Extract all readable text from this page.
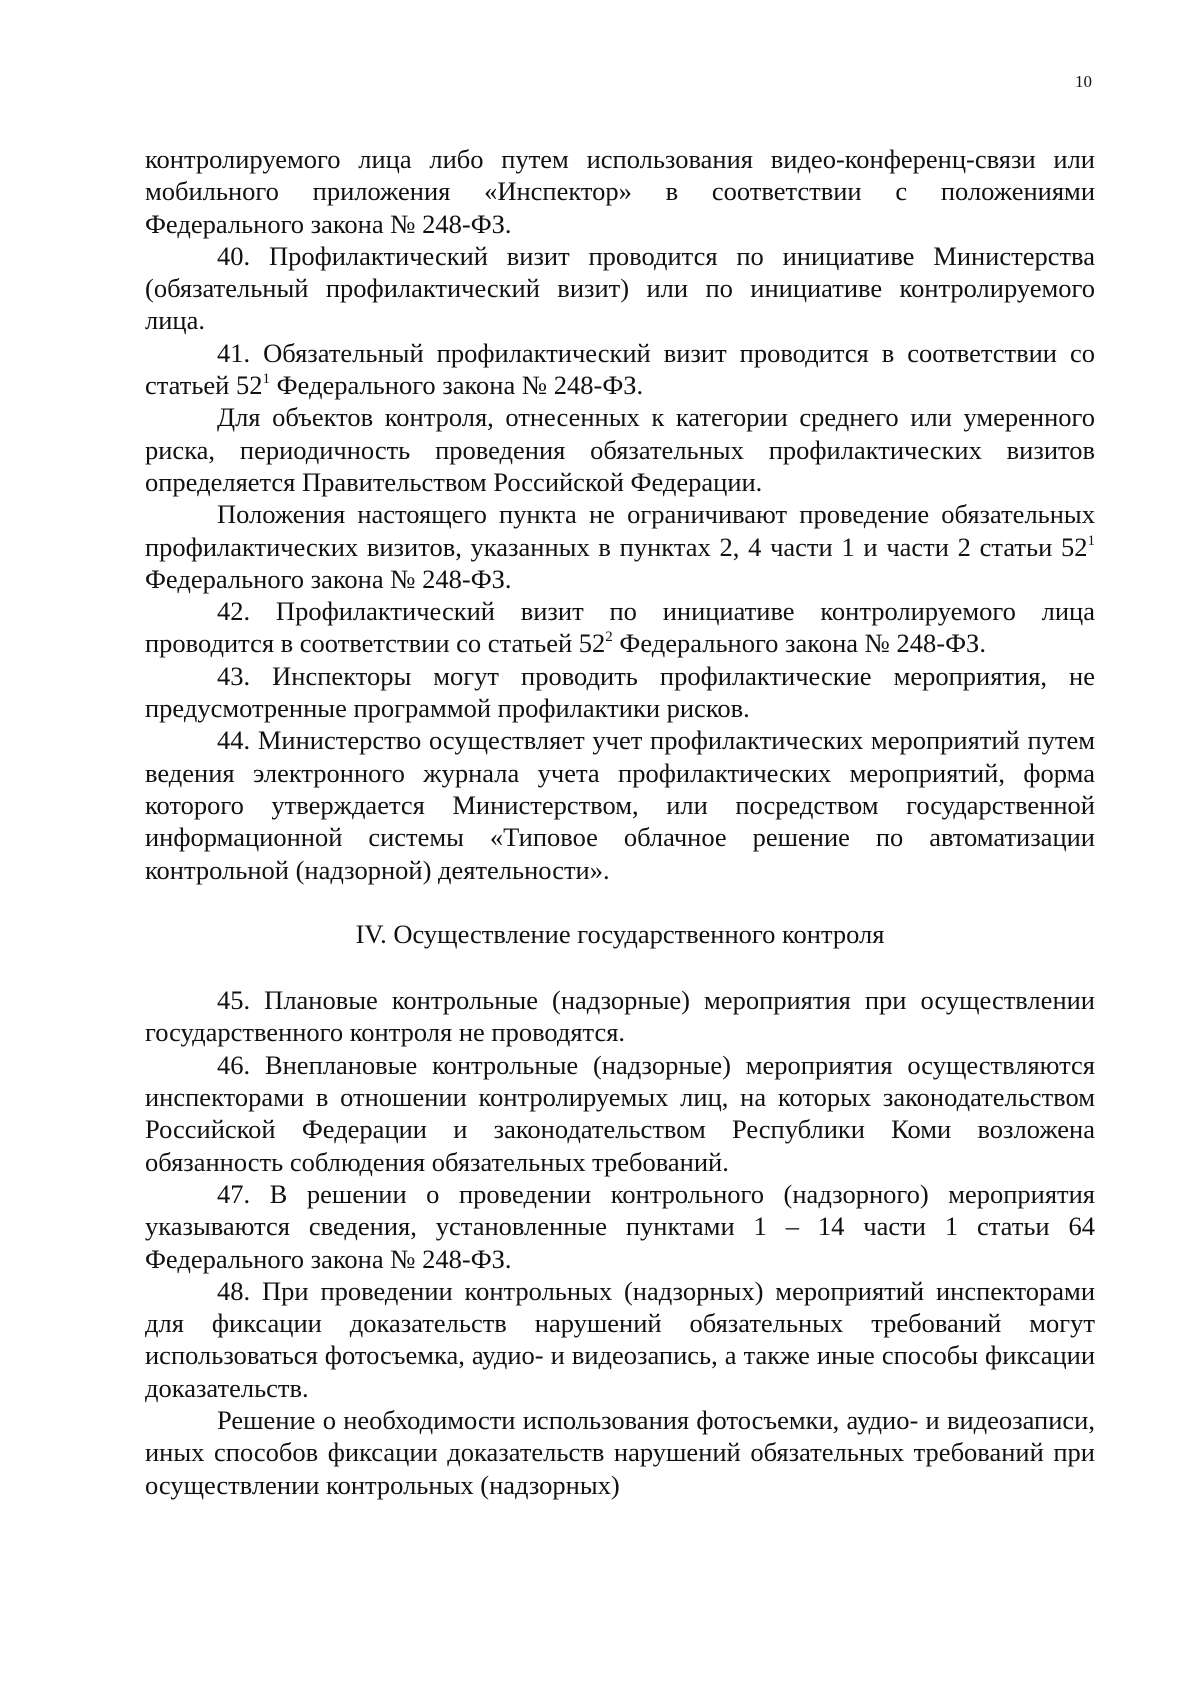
10

контролируемого лица либо путем использования видео-конференц-связи или мобильного приложения «Инспектор» в соответствии с положениями Федерального закона № 248-ФЗ.

40. Профилактический визит проводится по инициативе Министерства (обязательный профилактический визит) или по инициативе контролируемого лица.

41. Обязательный профилактический визит проводится в соответствии со статьей $52^1$ Федерального закона № 248-ФЗ.

Для объектов контроля, отнесенных к категории среднего или умеренного риска, периодичность проведения обязательных профилактических визитов определяется Правительством Российской Федерации.

Положения настоящего пункта не ограничивают проведение обязательных профилактических визитов, указанных в пунктах 2, 4 части 1 и части 2 статьи $52^1$ Федерального закона № 248-ФЗ.

42. Профилактический визит по инициативе контролируемого лица проводится в соответствии со статьей $52^2$ Федерального закона № 248-ФЗ.

43. Инспекторы могут проводить профилактические мероприятия, не предусмотренные программой профилактики рисков.

44. Министерство осуществляет учет профилактических мероприятий путем ведения электронного журнала учета профилактических мероприятий, форма которого утверждается Министерством, или посредством государственной информационной системы «Типовое облачное решение по автоматизации контрольной (надзорной) деятельности».

IV. Осуществление государственного контроля

45. Плановые контрольные (надзорные) мероприятия при осуществлении государственного контроля не проводятся.

46. Внеплановые контрольные (надзорные) мероприятия осуществляются инспекторами в отношении контролируемых лиц, на которых законодательством Российской Федерации и законодательством Республики Коми возложена обязанность соблюдения обязательных требований.

47. В решении о проведении контрольного (надзорного) мероприятия указываются сведения, установленные пунктами 1 – 14 части 1 статьи 64 Федерального закона № 248-ФЗ.

48. При проведении контрольных (надзорных) мероприятий инспекторами для фиксации доказательств нарушений обязательных требований могут использоваться фотосъемка, аудио- и видеозапись, а также иные способы фиксации доказательств.

Решение о необходимости использования фотосъемки, аудио- и видеозаписи, иных способов фиксации доказательств нарушений обязательных требований при осуществлении контрольных (надзорных)
